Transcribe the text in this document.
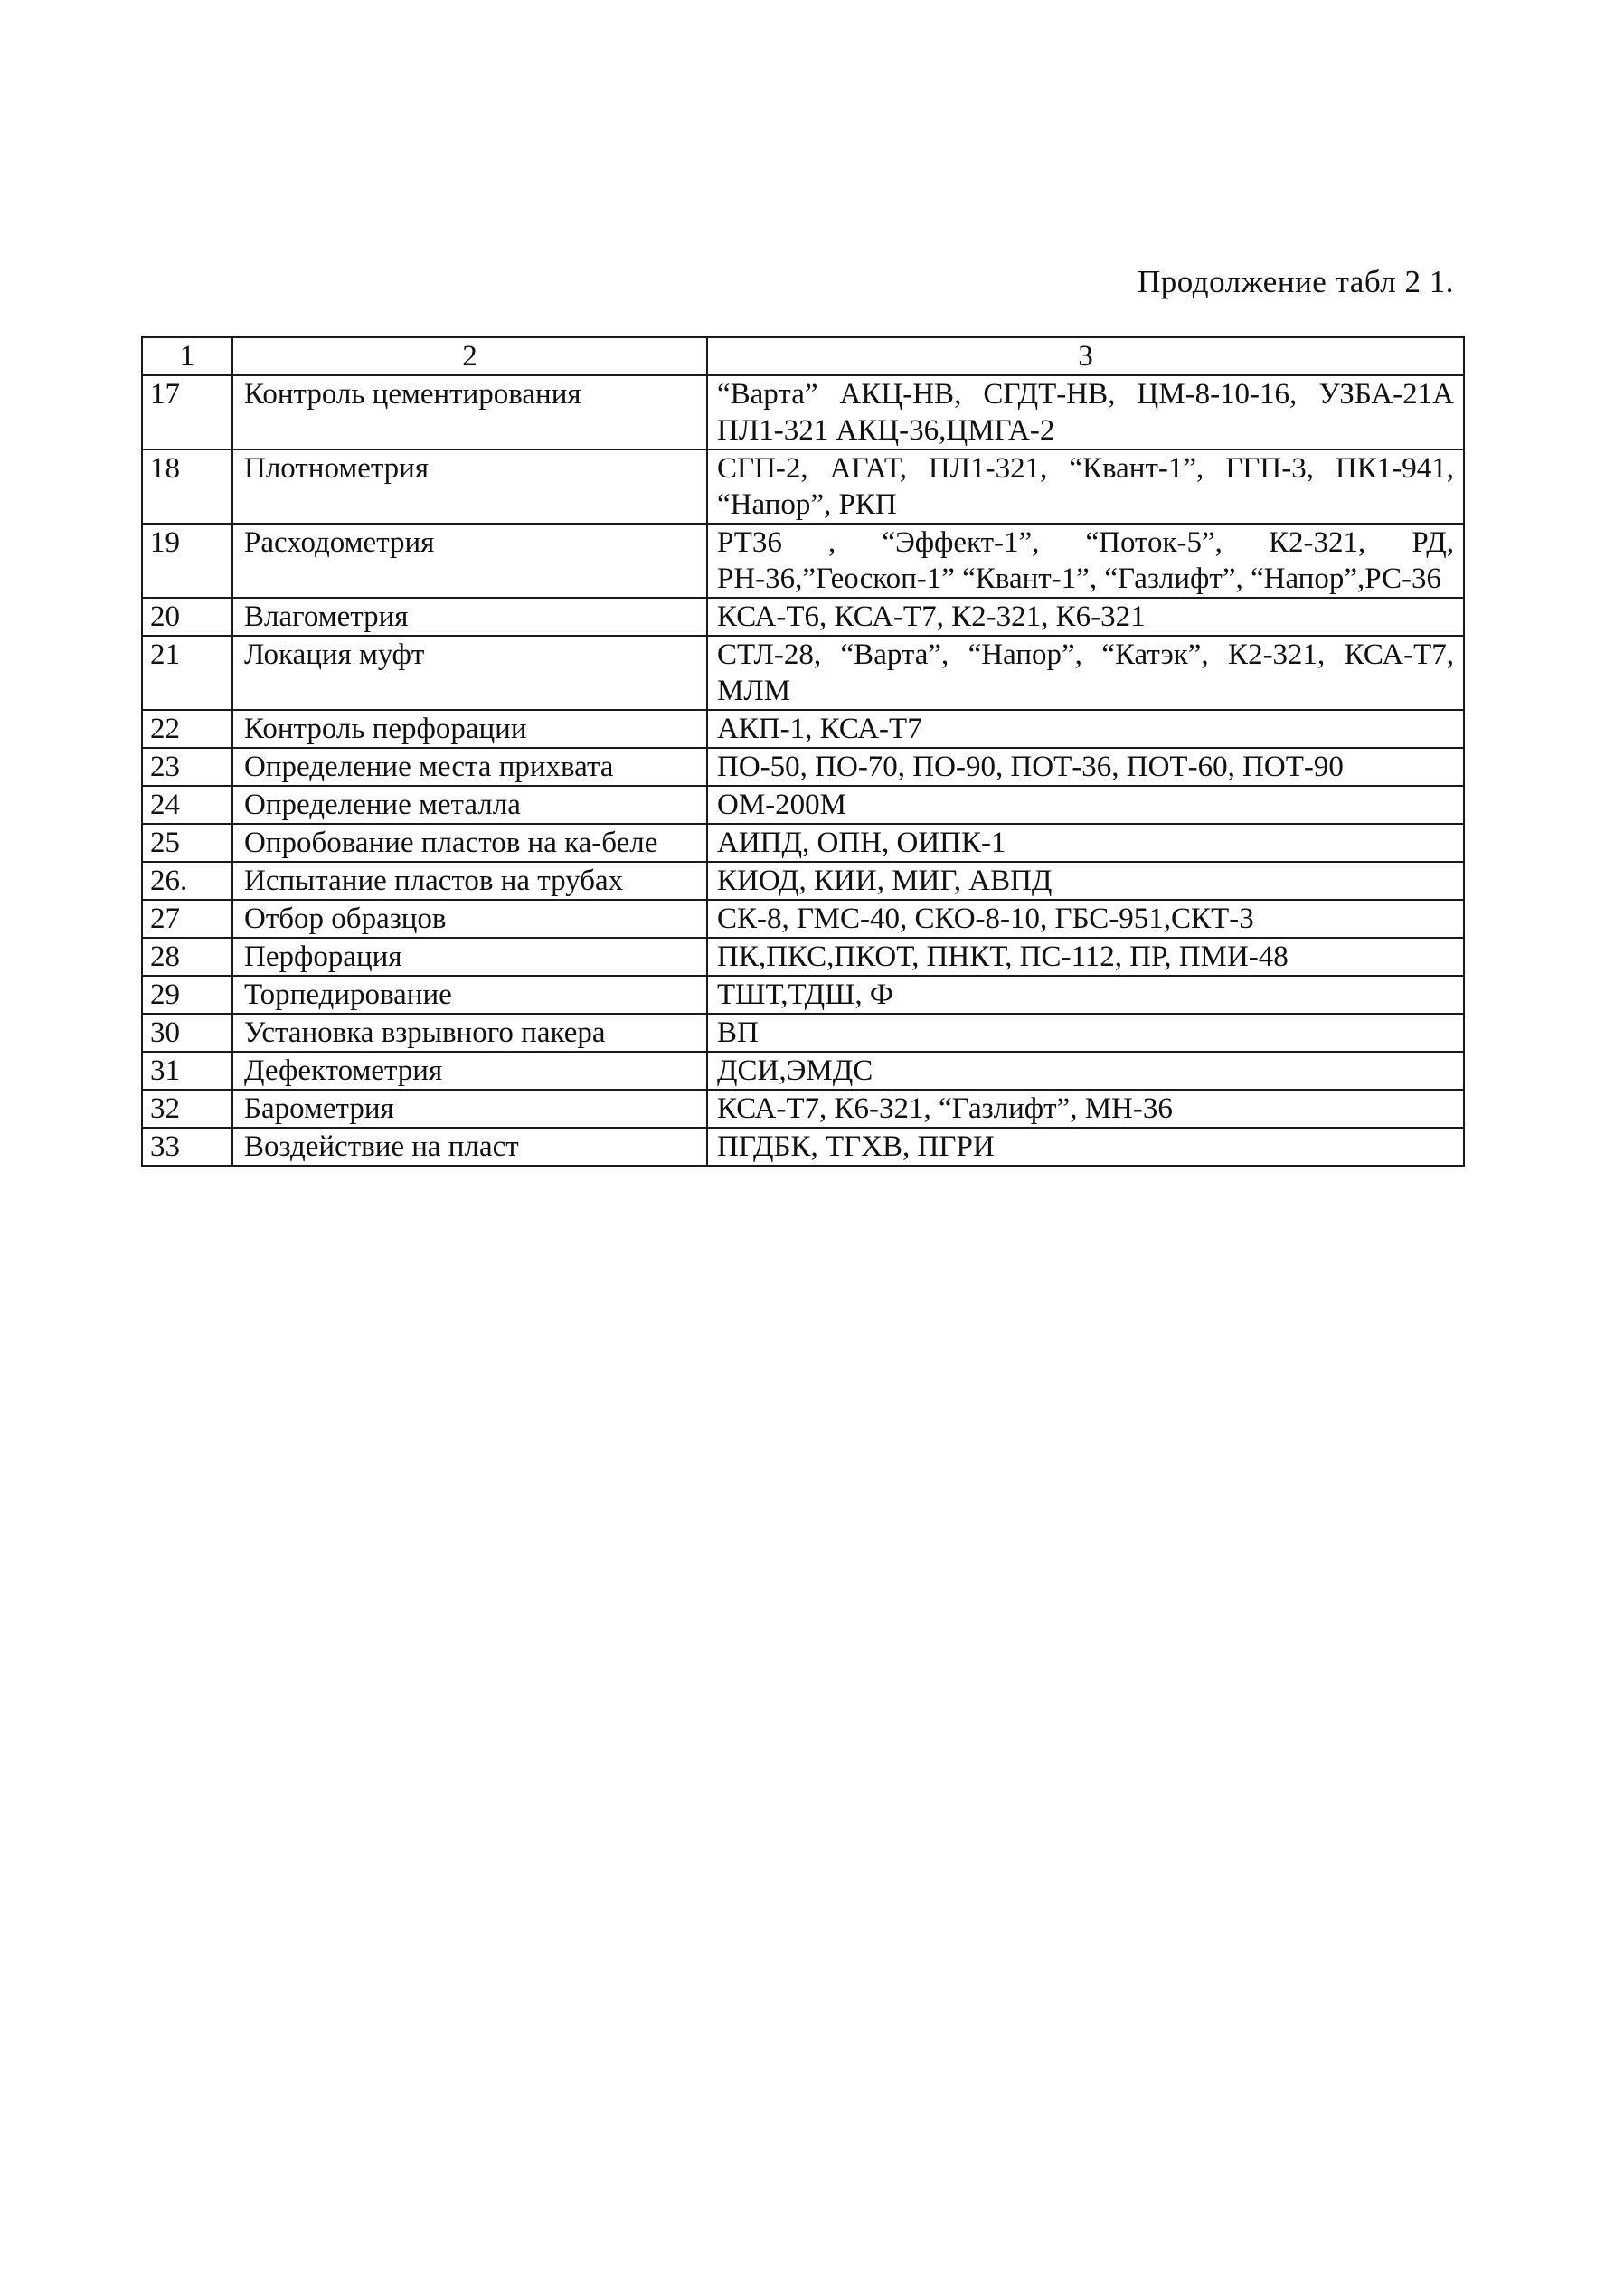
Продолжение табл 2 1.
1	2	3
17	Контроль цементирования	“Варта” АКЦ-НВ, СГДТ-НВ, ЦМ-8-10-16, УЗБА-21А ПЛ1-321 АКЦ-36,ЦМГА-2
18	Плотнометрия	СГП-2, АГАТ, ПЛ1-321, “Квант-1”, ГГП-3, ПК1-941, “Напор”, РКП
19	Расходометрия	РТ36 , “Эффект-1”, “Поток-5”, К2-321, РД, РН-36,”Геоскоп-1” “Квант-1”, “Газлифт”, “Напор”,РС-36
20	Влагометрия	КСА-Т6, КСА-Т7, К2-321, К6-321
21	Локация муфт	СТЛ-28, “Варта”, “Напор”, “Катэк”, К2-321, КСА-Т7, МЛМ
22	Контроль перфорации	АКП-1, КСА-Т7
23	Определение места прихвата	ПО-50, ПО-70, ПО-90, ПОТ-36, ПОТ-60, ПОТ-90
24	Определение металла	ОМ-200М
25	Опробование пластов на ка-беле	АИПД, ОПН, ОИПК-1
26.	Испытание пластов на трубах	КИОД, КИИ, МИГ, АВПД
27	Отбор образцов	СК-8, ГМС-40, СКО-8-10, ГБС-951,СКТ-3
28	Перфорация	ПК,ПКС,ПКОТ, ПНКТ, ПС-112, ПР, ПМИ-48
29	Торпедирование	ТШТ,ТДШ, Ф
30	Установка взрывного пакера	ВП
31	Дефектометрия	ДСИ,ЭМДС
32	Барометрия	КСА-Т7, К6-321, “Газлифт”, МН-36
33	Воздействие на пласт	ПГДБК, ТГХВ, ПГРИ
